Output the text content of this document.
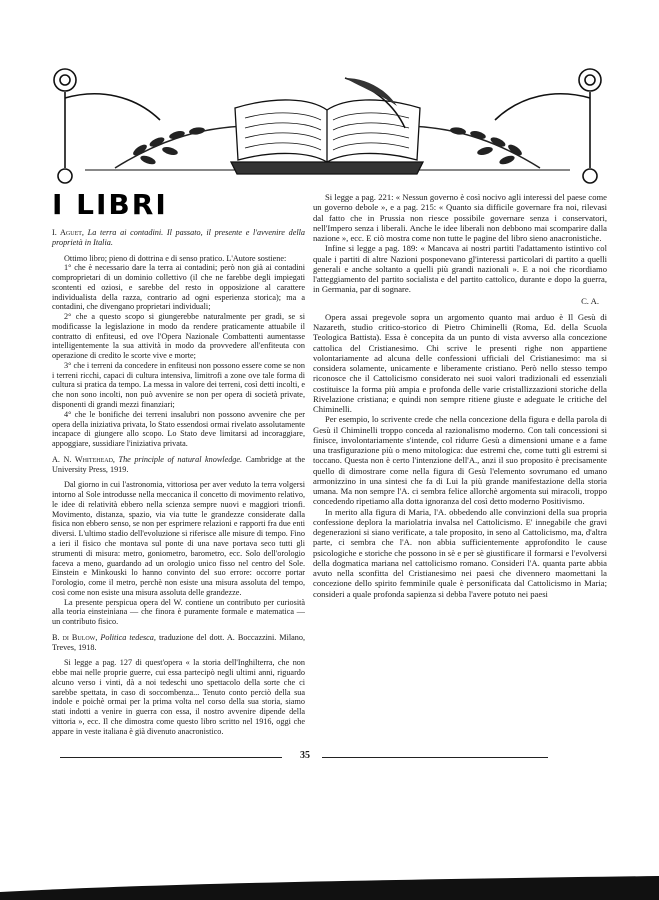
I LIBRI

I. Aguet, La terra ai contadini. Il passato, il presente e l'avvenire della proprietà in Italia.

Ottimo libro; pieno di dottrina e di senso pratico. L'Autore sostiene:

1° che è necessario dare la terra ai contadini; però non già ai contadini comproprietari di un dominio collettivo (il che ne farebbe degli impiegati scontenti ed oziosi, e sarebbe del resto in opposizione al carattere individualista della razza, contrario ad ogni esperienza storica); ma a contadini, che divengano proprietari individuali;

2° che a questo scopo si giungerebbe naturalmente per gradi, se si modificasse la legislazione in modo da rendere praticamente attuabile il contratto di enfiteusi, ed ove l'Opera Nazionale Combattenti aumentasse intelligentemente la sua attività in modo da provvedere all'enfiteuta con operazione di credito le scorte vive e morte;

3° che i terreni da concedere in enfiteusi non possono essere come se non i terreni ricchi, capaci di cultura intensiva, limitrofi a zone ove tale forma di cultura si pratica da tempo. La messa in valore dei terreni, così detti incolti, e che non sono incolti, non può avvenire se non per opera di società private, disponenti di grandi mezzi finanziari;

4° che le bonifiche dei terreni insalubri non possono avvenire che per opera della iniziativa privata, lo Stato essendosi ormai rivelato assolutamente incapace di giungere allo scopo. Lo Stato deve limitarsi ad incoraggiare, appoggiare, sussidiare l'iniziativa privata.

A. N. Whitehead, The principle of natural knowledge. Cambridge at the University Press, 1919.

Dal giorno in cui l'astronomia, vittoriosa per aver veduto la terra volgersi intorno al Sole introdusse nella meccanica il concetto di movimento relativo, le idee di relatività ebbero nella scienza sempre nuovi e maggiori trionfi. Movimento, distanza, spazio, via via tutte le grandezze considerate dalla fisica non ebbero senso, se non per esprimere relazioni e rapporti fra due enti diversi. L'ultimo stadio dell'evoluzione si riferisce alle misure di tempo. Fino a ieri il fisico che montava sul ponte di una nave portava seco tutti gli strumenti di misura: metro, goniometro, barometro, ecc. Solo dell'orologio faceva a meno, guardando ad un orologio unico fisso nel centro del Sole. Einstein e Minkouski lo hanno convinto del suo errore: occorre portar l'orologio, come il metro, perchè non esiste una misura assoluta del tempo, così come non esiste una misura assoluta delle grandezze.

La presente perspicua opera del W. contiene un contributo per curiosità alla teoria einsteiniana — che finora è puramente formale e matematica — un contributo fisico.

B. di Bulow, Politica tedesca, traduzione del dott. A. Boccazzini. Milano, Treves, 1918.

Si legge a pag. 127 di quest'opera « la storia dell'Inghilterra, che non ebbe mai nelle proprie guerre, cui essa partecipò negli ultimi anni, riguardo alcuno verso i vinti, dà a noi tedeschi uno spettacolo della sorte che ci sarebbe spettata, in caso di soccombenza... Tenuto conto perciò della sua indole e poichè ormai per la prima volta nel corso della sua storia, siamo stati indotti a venire in guerra con essa, il nostro avvenire dipende della vittoria », ecc. Il che dimostra come questo libro scritto nel 1916, oggi che appare in veste italiana è già divenuto anacronistico.

Si legge a pag. 221: « Nessun governo è così nocivo agli interessi del paese come un governo debole », e a pag. 215: « Quanto sia difficile governare fra noi, rilevasi dal fatto che in Prussia non riesce possibile governare senza i conservatori, nell'Impero senza i liberali. Anche le idee liberali non debbono mai scomparire dalla nazione », ecc. E ciò mostra come non tutte le pagine del libro sieno anacronistiche.

Infine si legge a pag. 189: « Mancava ai nostri partiti l'adattamento istintivo col quale i partiti di altre Nazioni posponevano gl'interessi particolari di partito a quelli generali e anche soltanto a quelli più grandi nazionali ». E a noi che ricordiamo l'atteggiamento del partito socialista e del partito cattolico, durante e dopo la guerra, in Germania, par di sognare.

C. A.

Opera assai pregevole sopra un argomento quanto mai arduo è Il Gesù di Nazareth, studio critico-storico di Pietro Chiminelli (Roma, Ed. della Scuola Teologica Battista). Essa è concepita da un punto di vista avverso alla concezione cattolica del Cristianesimo. Chi scrive le presenti righe non appartiene volontariamente ad alcuna delle confessioni ufficiali del Cristianesimo: ma si considera solamente, unicamente e liberamente cristiano. Però nello stesso tempo riconosce che il Cattolicismo considerato nei suoi valori tradizionali ed essenziali costituisce la forma più ampia e profonda delle varie cristallizzazioni storiche della Rivelazione cristiana; e quindi non sempre ritiene giuste e adeguate le critiche del Chiminelli.

Per esempio, lo scrivente crede che nella concezione della figura e della parola di Gesù il Chiminelli troppo conceda al razionalismo moderno. Con tali concessioni si finisce, involontariamente s'intende, col ridurre Gesù a dimensioni umane e a fame una trasfigurazione più o meno mitologica: due estremi che, come tutti gli estremi si toccano. Questa non è certo l'intenzione dell'A., anzi il suo proposito è precisamente quello di dimostrare come nella figura di Gesù l'elemento sovrumano ed umano armonizzino in una sintesi che fa di Lui la più grande manifestazione della storia umana. Ma non sempre l'A. ci sembra felice allorchè argomenta sui miracoli, troppo concedendo ripetiamo alla dotta ignoranza del così detto moderno Positivismo.

In merito alla figura di Maria, l'A. obbedendo alle convinzioni della sua propria confessione deplora la mariolatria invalsa nel Cattolicismo. E' innegabile che gravi degenerazioni si siano verificate, a tale proposito, in seno al Cattolicismo, ma, d'altra parte, ci sembra che l'A. non abbia sufficientemente approfondito le cause psicologiche e storiche che possono in sè e per sè giustificare il formarsi e l'evolversi della dogmatica mariana nel cattolicismo romano. Consideri l'A. quanta parte abbia avuto nella sconfitta del Cristianesimo nei paesi che divennero maomettani la concezione dello spirito femminile quale è personificata dal Cattolicismo in Maria; consideri a quale profonda sapienza si debba l'avere potuto nei paesi

35
